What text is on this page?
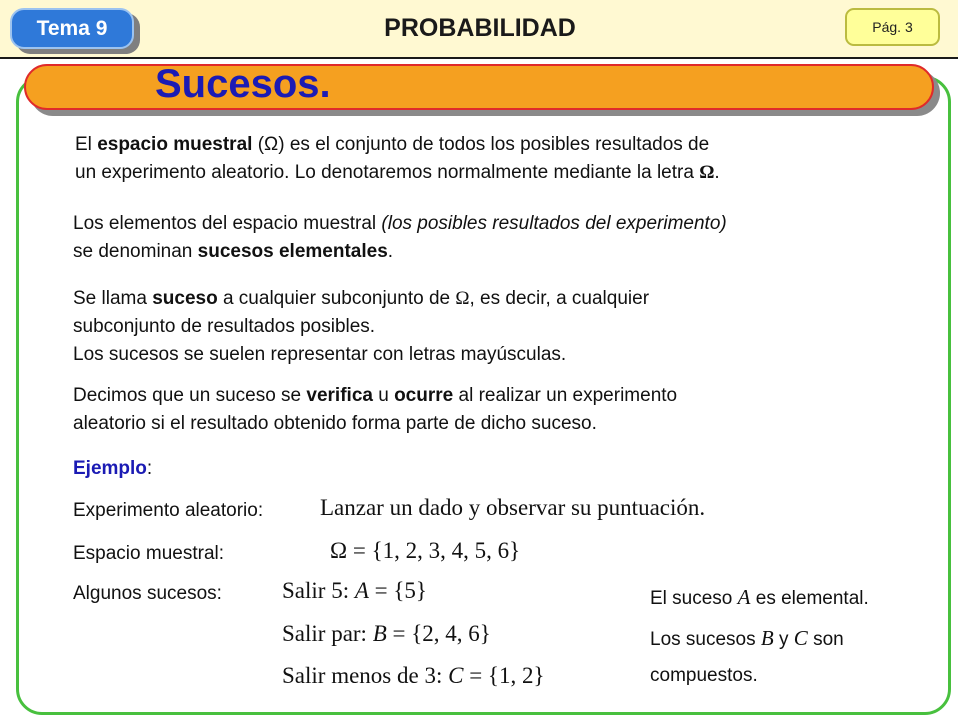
Tema 9	PROBABILIDAD	Pág. 3
Sucesos.
El espacio muestral (Ω) es el conjunto de todos los posibles resultados de
un experimento aleatorio. Lo denotaremos normalmente mediante la letra Ω.
Los elementos del espacio muestral (los posibles resultados del experimento)
se denominan sucesos elementales.
Se llama suceso a cualquier subconjunto de Ω, es decir, a cualquier
subconjunto de resultados posibles.
Los sucesos se suelen representar con letras mayúsculas.
Decimos que un suceso se verifica u ocurre al realizar un experimento
aleatorio si el resultado obtenido forma parte de dicho suceso.
Ejemplo:
Experimento aleatorio: Lanzar un dado y observar su puntuación.
Espacio muestral:	Ω = {1, 2, 3, 4, 5, 6}
Algunos sucesos:	Salir 5: A = {5}
Salir par: B = {2, 4, 6}
Salir menos de 3: C = {1, 2}
El suceso A es elemental.
Los sucesos B y C son
compuestos.
